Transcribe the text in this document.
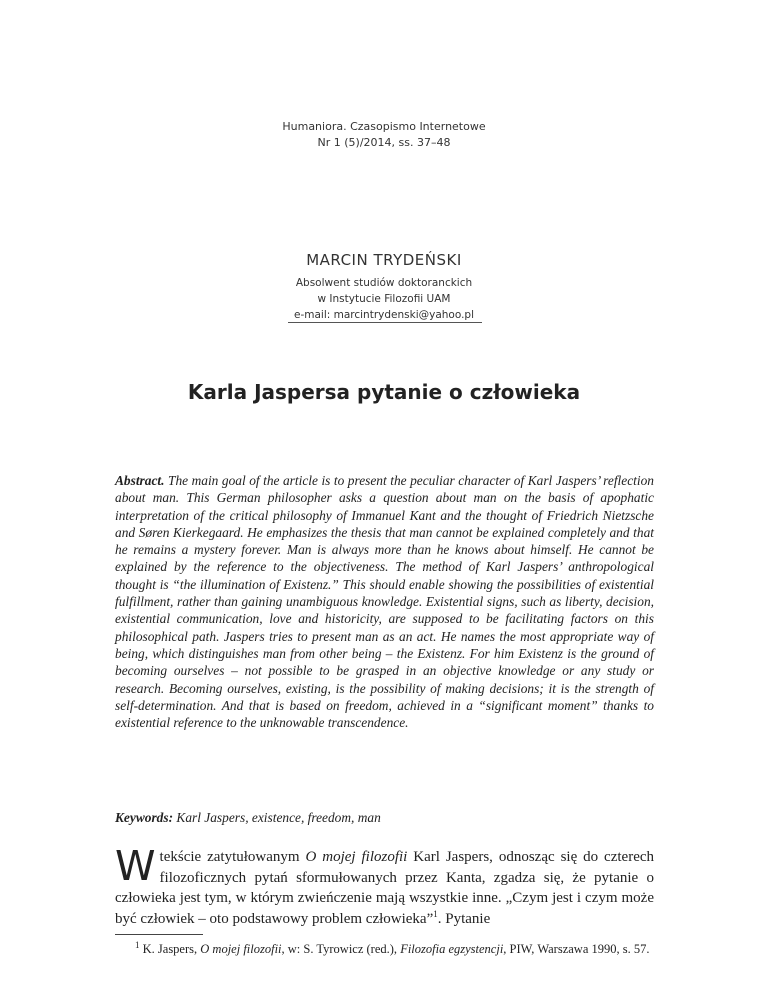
Humaniora. Czasopismo Internetowe
Nr 1 (5)/2014, ss. 37–48
MARCIN TRYDEŃSKI
Absolwent studiów doktoranckich
w Instytucie Filozofii UAM
e-mail: marcintrydenski@yahoo.pl
Karla Jaspersa pytanie o człowieka
Abstract. The main goal of the article is to present the peculiar character of Karl Jaspers’ reflection about man. This German philosopher asks a question about man on the basis of apophatic interpretation of the critical philosophy of Immanuel Kant and the thought of Friedrich Nietzsche and Søren Kierkegaard. He emphasizes the thesis that man cannot be explained completely and that he remains a mystery forever. Man is always more than he knows about himself. He cannot be explained by the reference to the objectiveness. The method of Karl Jaspers’ anthropological thought is “the illumination of Existenz.” This should enable showing the possibilities of existential fulfillment, rather than gaining unambiguous knowledge. Existential signs, such as liberty, decision, existential communication, love and historicity, are supposed to be facilitating factors on this philosophical path. Jaspers tries to present man as an act. He names the most appropriate way of being, which distinguishes man from other being – the Existenz. For him Existenz is the ground of becoming ourselves – not possible to be grasped in an objective knowledge or any study or research. Becoming ourselves, existing, is the possibility of making decisions; it is the strength of self-determination. And that is based on freedom, achieved in a “significant moment” thanks to existential reference to the unknowable transcendence.
Keywords: Karl Jaspers, existence, freedom, man
Wtekście zatytułowanym O mojej filozofii Karl Jaspers, odnosząc się do czterech filozoficznych pytań sformułowanych przez Kanta, zgadza się, że pytanie o człowieka jest tym, w którym zwieńczenie mają wszystkie inne. „Czym jest i czym może być człowiek – oto podstawowy problem człowieka”$^1$. Pytanie
$^1$ K. Jaspers, O mojej filozofii, w: S. Tyrowicz (red.), Filozofia egzystencji, PIW, Warszawa 1990, s. 57.
